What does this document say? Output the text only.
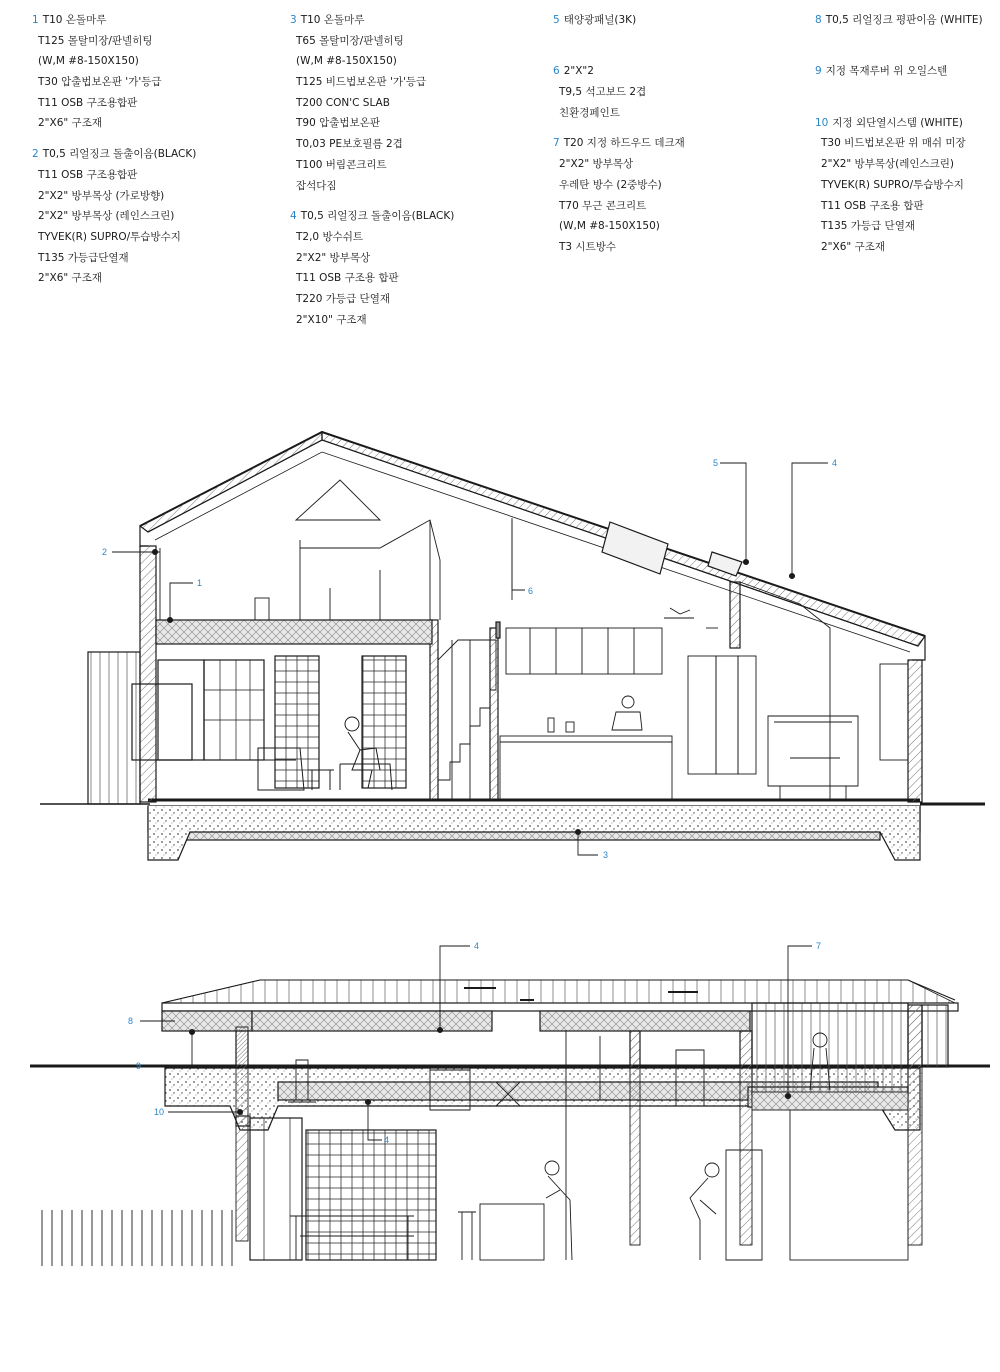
1 T10 온돌마루
T125 몰탈미장/판넬히팅
(W,M #8-150X150)
T30 압출법보온판 '가'등급
T11 OSB 구조용합판
2"X6" 구조재
2 T0,5 리얼징크 돌출이음(BLACK)
T11 OSB 구조용합판
2"X2" 방부목상 (가로방향)
2"X2" 방부목상 (레인스크린)
TYVEK(R) SUPRO/투습방수지
T135 가등급단열재
2"X6" 구조재
3 T10 온돌마루
T65 몰탈미장/판넬히팅
(W,M #8-150X150)
T125 비드법보온판 '가'등급
T200 CON'C SLAB
T90 압출법보온판
T0,03 PE보호필름 2겹
T100 버림콘크리트
잡석다짐
4 T0,5 리얼징크 돌출이음(BLACK)
T2,0 방수쉬트
2"X2" 방부목상
T11 OSB 구조용 합판
T220 가등급 단열재
2"X10" 구조재
5 태양광패널(3K)
6 2"X"2
T9,5 석고보드 2겹
친환경페인트
7 T20 지정 하드우드 데크재
2"X2" 방부목상
우레탄 방수 (2중방수)
T70 무근 콘크리트
(W,M #8-150X150)
T3 시트방수
8 T0,5 리얼징크 평판이음 (WHITE)
9 지정 목재루버 위 오일스텐
10 지정 외단열시스템 (WHITE)
T30 비드법보온판 위 매쉬 미장
2"X2" 방부목상(레인스크린)
TYVEK(R) SUPRO/투습방수지
T11 OSB 구조용 합판
T135 가등급 단열재
2"X6" 구조재
2
1
6
5	4
3
4	7
8
9
10
4
